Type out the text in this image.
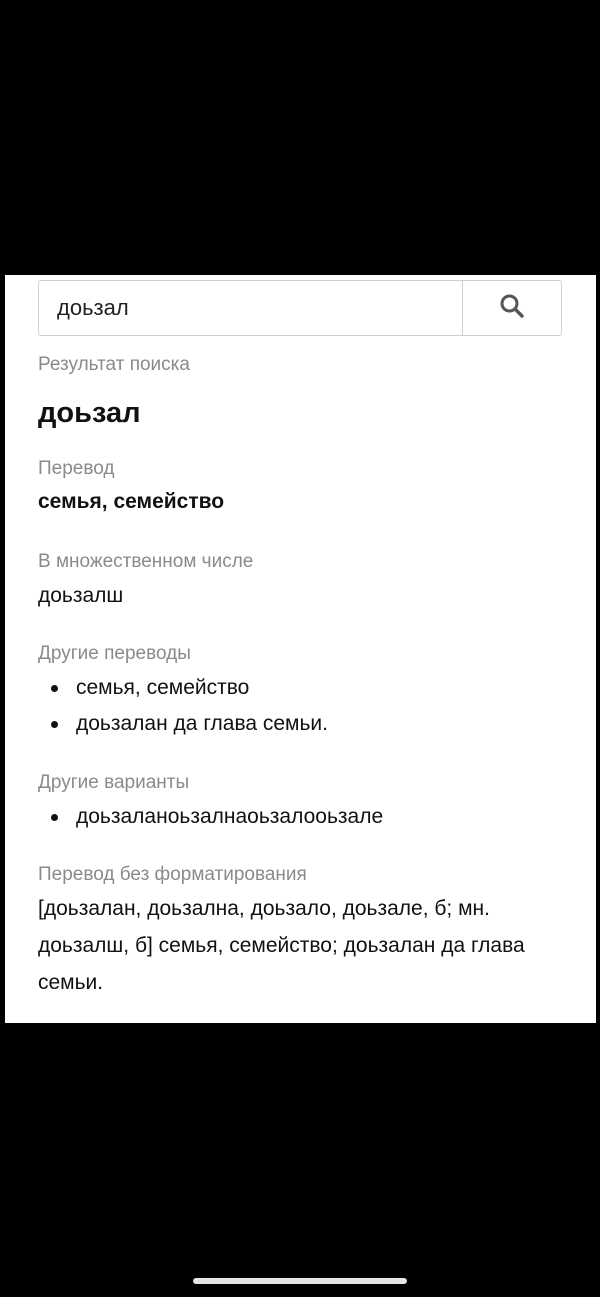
доьзал
Результат поиска
доьзал
Перевод
семья, семейство
В множественном числе
доьзалш
Другие переводы
семья, семейство
доьзалан да глава семьи.
Другие варианты
доьзаланоьзалнаоьзалооьзале
Перевод без форматирования
[доьзалан, доьзална, доьзало, доьзале, б; мн. доьзалш, б] семья, семейство; доьзалан да глава семьи.
